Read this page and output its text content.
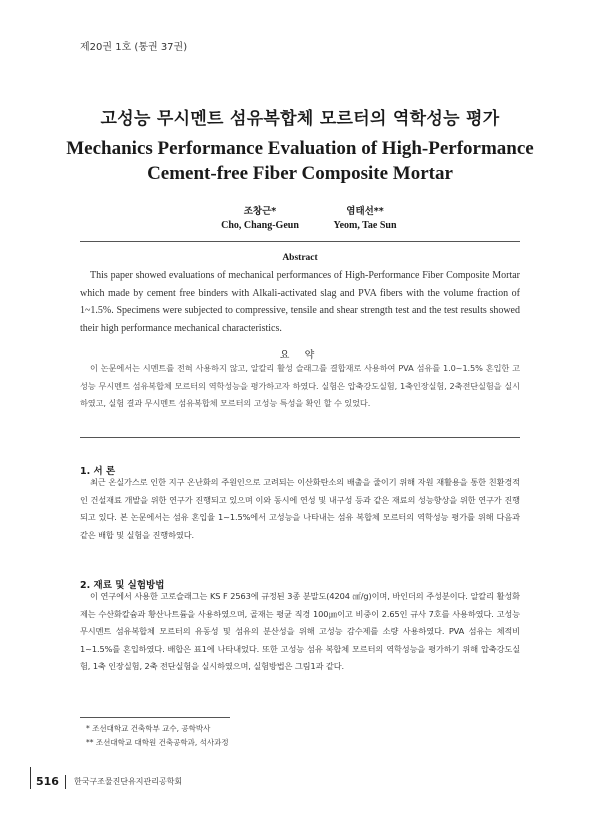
제20권 1호 (통권 37권)
고성능 무시멘트 섬유복합체 모르터의 역학성능 평가
Mechanics Performance Evaluation of High-Performance
Cement-free Fiber Composite Mortar
조창근*
Cho, Chang-Geun
염태선**
Yeom, Tae Sun
Abstract
This paper showed evaluations of mechanical performances of High-Performance Fiber Composite Mortar which made by cement free binders with Alkali-activated slag and PVA fibers with the volume fraction of 1~1.5%. Specimens were subjected to compressive, tensile and shear strength test and the test results showed their high performance mechanical characteristics.
요 약
이 논문에서는 시멘트를 전혀 사용하지 않고, 알칼리 활성 슬래그를 결합재로 사용하여 PVA 섬유를 1.0~1.5% 혼입한 고성능 무시멘트 섬유복합체 모르터의 역학성능을 평가하고자 하였다. 실험은 압축강도실험, 1축인장실험, 2축전단실험을 실시하였고, 실험 결과 무시멘트 섬유복합체 모르터의 고성능 특성을 확인 할 수 있었다.
1. 서 론
최근 온실가스로 인한 지구 온난화의 주원인으로 고려되는 이산화탄소의 배출을 줄이기 위해 자원 재활용을 통한 친환경적인 건설재료 개발을 위한 연구가 진행되고 있으며 이와 동시에 연성 및 내구성 등과 같은 재료의 성능향상을 위한 연구가 진행되고 있다. 본 논문에서는 섬유 혼입율 1~1.5%에서 고성능을 나타내는 섬유 복합체 모르터의 역학성능 평가를 위해 다음과 같은 배합 및 실험을 진행하였다.
2. 재료 및 실험방법
이 연구에서 사용한 고로슬래그는 KS F 2563에 규정된 3종 분말도(4204 ㎠/g)이며, 바인더의 주성분이다. 알칼리 활성화제는 수산화칼슘과 황산나트륨을 사용하였으며, 골재는 평균 직경 100㎛이고 비중이 2.65인 규사 7호를 사용하였다. 고성능 무시멘트 섬유복합체 모르터의 유동성 및 섬유의 분산성을 위해 고성능 감수제를 소량 사용하였다. PVA 섬유는 체적비 1~1.5%를 혼입하였다. 배합은 표1에 나타내었다. 또한 고성능 섬유 복합체 모르터의 역학성능을 평가하기 위해 압축강도실험, 1축 인장실험, 2축 전단실험을 실시하였으며, 실험방법은 그림1과 같다.
* 조선대학교 건축학부 교수, 공학박사
** 조선대학교 대학원 건축공학과, 석사과정
516 한국구조물진단유지관리공학회
